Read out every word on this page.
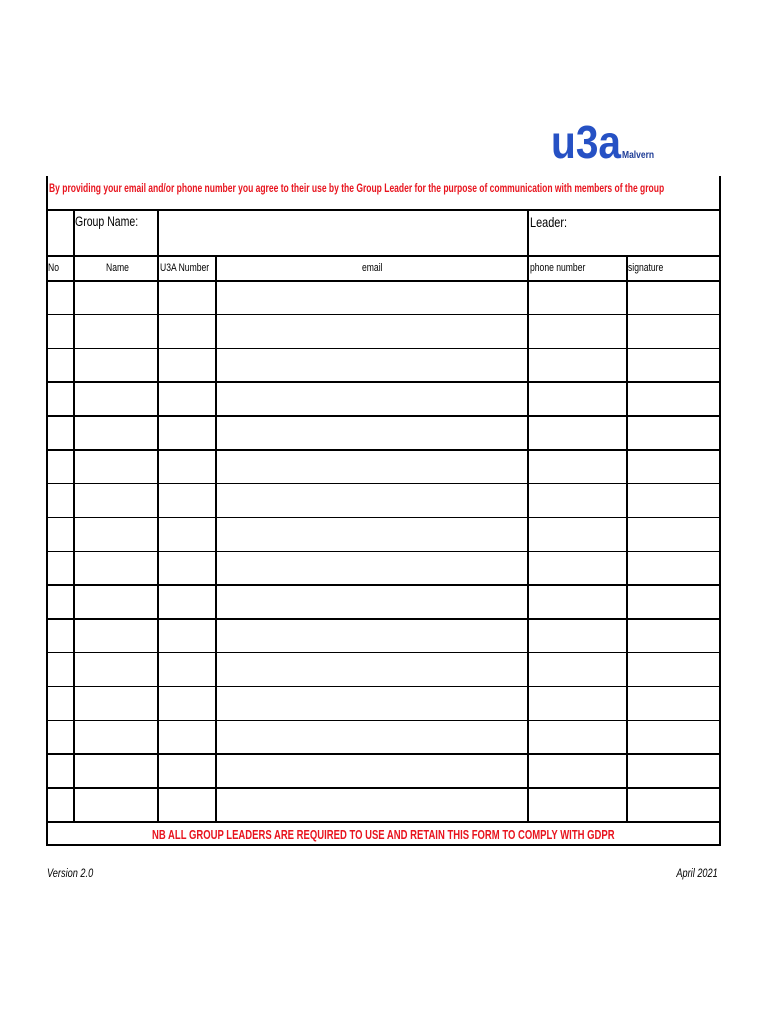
u3a Malvern
By providing your email and/or phone number you agree to their use by the Group Leader for the purpose of communication with members of the group
Group Name:	Leader:
No	Name	U3A Number	email	phone number	signature
NB ALL GROUP LEADERS ARE REQUIRED TO USE AND RETAIN THIS FORM TO COMPLY WITH GDPR
Version 2.0	April 2021
